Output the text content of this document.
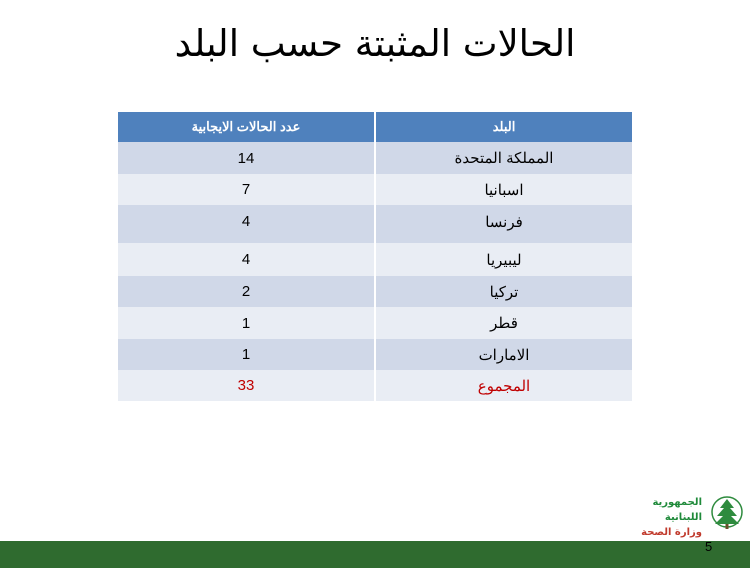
الحالات المثبتة حسب البلد
عدد الحالات الايجابية	البلد
14	المملكة المتحدة
7	اسبانيا
4	فرنسا
4	ليبيريا
2	تركيا
1	قطر
1	الامارات
33	المجموع
الجمهورية اللبنانية
وزارة الصحة
5
